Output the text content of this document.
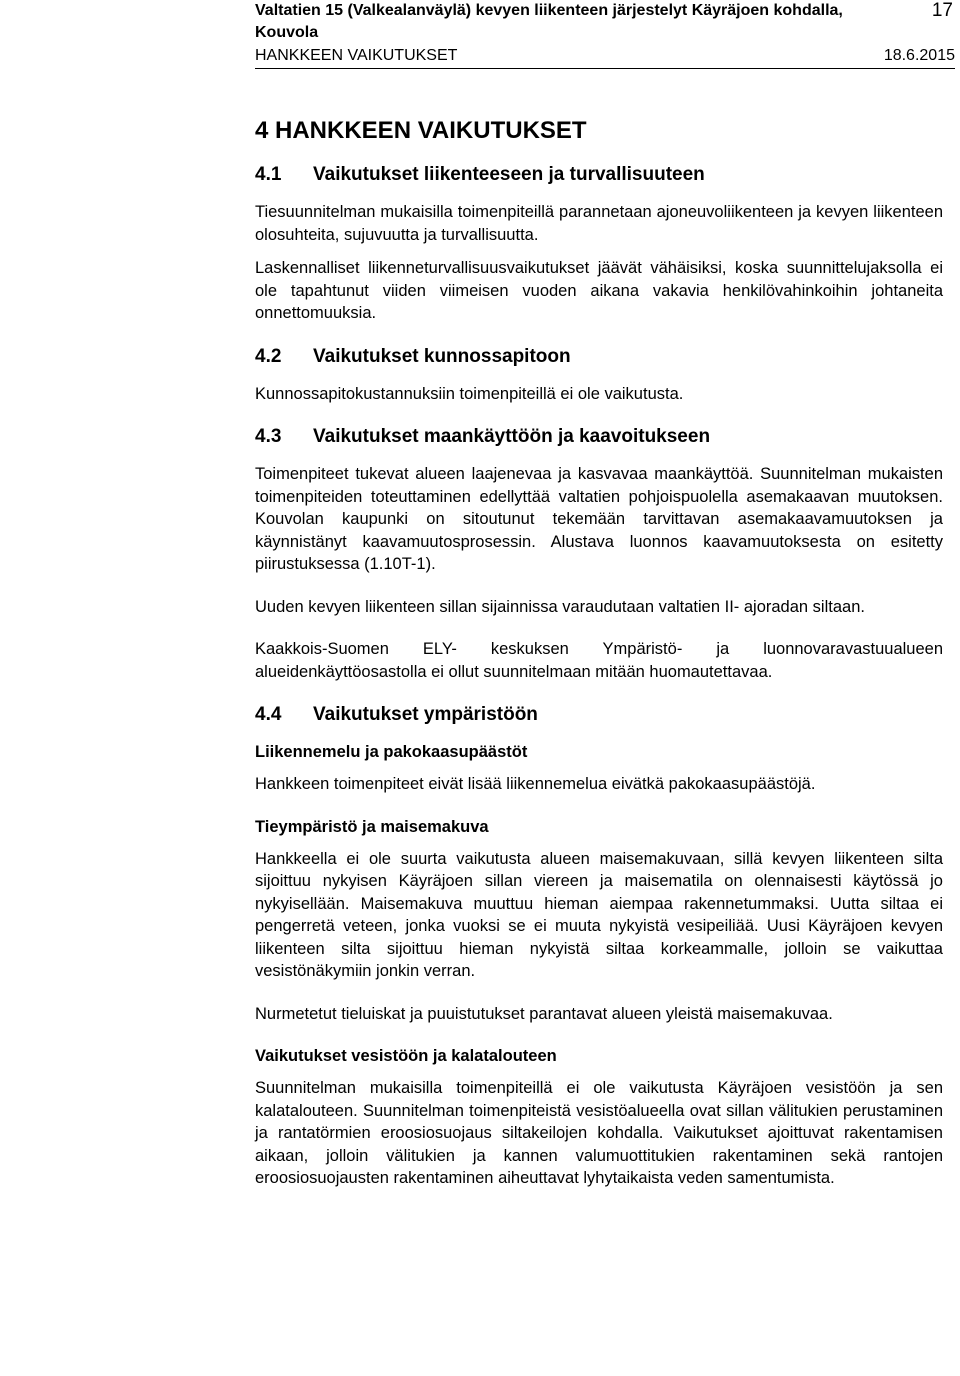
Valtatien 15 (Valkealanväylä) kevyen liikenteen järjestelyt Käyräjoen kohdalla, Kouvola
17
HANKKEEN VAIKUTUKSET	18.6.2015
4 HANKKEEN VAIKUTUKSET
4.1 Vaikutukset liikenteeseen ja turvallisuuteen

Tiesuunnitelman mukaisilla toimenpiteillä parannetaan ajoneuvoliikenteen ja kevyen liikenteen olosuhteita, sujuvuutta ja turvallisuutta.

Laskennalliset liikenneturvallisuusvaikutukset jäävät vähäisiksi, koska suunnittelujaksolla ei ole tapahtunut viiden viimeisen vuoden aikana vakavia henkilövahinkoihin johtaneita onnettomuuksia.

4.2 Vaikutukset kunnossapitoon

Kunnossapitokustannuksiin toimenpiteillä ei ole vaikutusta.

4.3 Vaikutukset maankäyttöön ja kaavoitukseen

Toimenpiteet tukevat alueen laajenevaa ja kasvavaa maankäyttöä. Suunnitelman mukaisten toimenpiteiden toteuttaminen edellyttää valtatien pohjoispuolella asemakaavan muutoksen. Kouvolan kaupunki on sitoutunut tekemään tarvittavan asemakaavamuutoksen ja käynnistänyt kaavamuutosprosessin. Alustava luonnos kaavamuutoksesta on esitetty piirustuksessa (1.10T-1).

Uuden kevyen liikenteen sillan sijainnissa varaudutaan valtatien II- ajoradan siltaan.

Kaakkois-Suomen ELY- keskuksen Ympäristö- ja luonnovaravastuualueen alueidenkäyttöosastolla ei ollut suunnitelmaan mitään huomautettavaa.

4.4 Vaikutukset ympäristöön
Liikennemelu ja pakokaasupäästöt

Hankkeen toimenpiteet eivät lisää liikennemelua eivätkä pakokaasupäästöjä.

Tieympäristö ja maisemakuva

Hankkeella ei ole suurta vaikutusta alueen maisemakuvaan, sillä kevyen liikenteen silta sijoittuu nykyisen Käyräjoen sillan viereen ja maisematila on olennaisesti käytössä jo nykyisellään. Maisemakuva muuttuu hieman aiempaa rakennetummaksi. Uutta siltaa ei pengerretä veteen, jonka vuoksi se ei muuta nykyistä vesipeiliää. Uusi Käyräjoen kevyen liikenteen silta sijoittuu hieman nykyistä siltaa korkeammalle, jolloin se vaikuttaa vesistönäkymiin jonkin verran.

Nurmetetut tieluiskat ja puuistutukset parantavat alueen yleistä maisemakuvaa.

Vaikutukset vesistöön ja kalatalouteen

Suunnitelman mukaisilla toimenpiteillä ei ole vaikutusta Käyräjoen vesistöön ja sen kalatalouteen. Suunnitelman toimenpiteistä vesistöalueella ovat sillan välitukien perustaminen ja rantatörmien eroosiosuojaus siltakeilojen kohdalla. Vaikutukset ajoittuvat rakentamisen aikaan, jolloin välitukien ja kannen valumuottitukien rakentaminen sekä rantojen eroosiosuojausten rakentaminen aiheuttavat lyhytaikaista veden samentumista.
